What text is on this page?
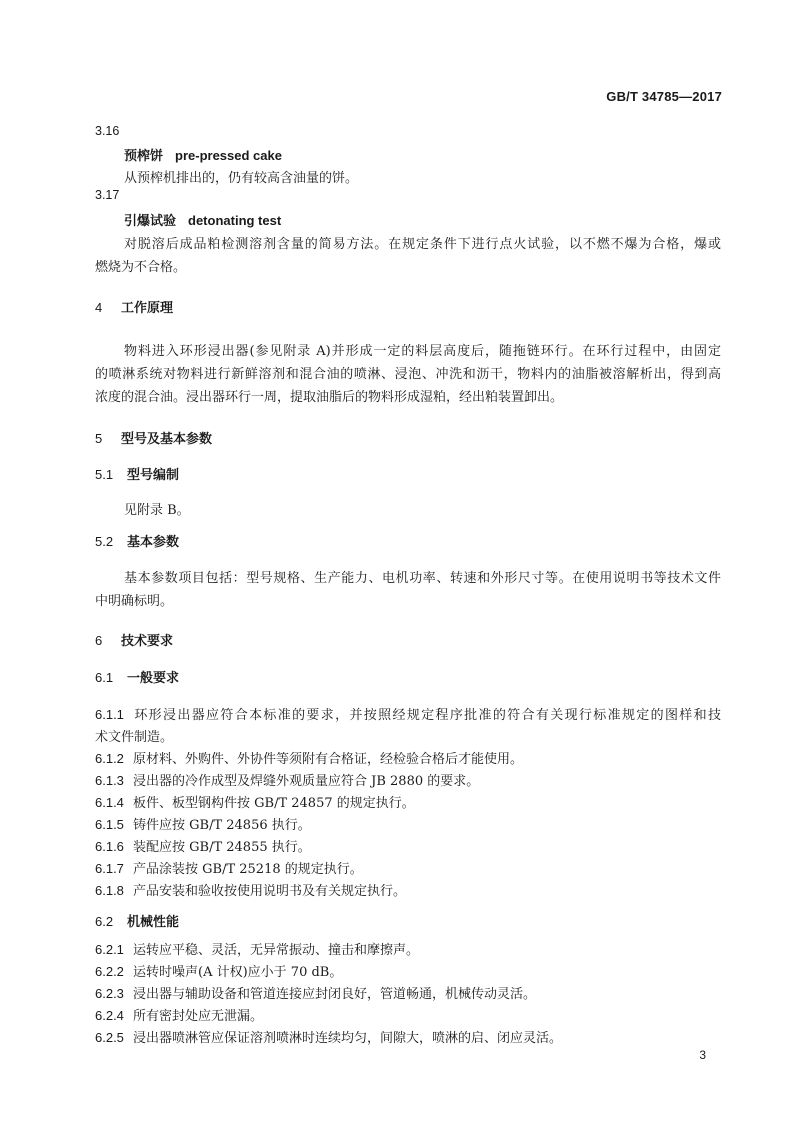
GB/T 34785—2017
3.16
预榨饼 pre-pressed cake
从预榨机排出的，仍有较高含油量的饼。
3.17
引爆试验 detonating test
对脱溶后成品粕检测溶剂含量的简易方法。在规定条件下进行点火试验，以不燃不爆为合格，爆或
燃烧为不合格。
4 工作原理
物料进入环形浸出器(参见附录 A)并形成一定的料层高度后，随拖链环行。在环行过程中，由固定
的喷淋系统对物料进行新鲜溶剂和混合油的喷淋、浸泡、冲洗和沥干，物料内的油脂被溶解析出，得到高
浓度的混合油。浸出器环行一周，提取油脂后的物料形成湿粕，经出粕装置卸出。
5 型号及基本参数
5.1 型号编制
见附录 B。
5.2 基本参数
基本参数项目包括：型号规格、生产能力、电机功率、转速和外形尺寸等。在使用说明书等技术文件
中明确标明。
6 技术要求
6.1 一般要求
6.1.1 环形浸出器应符合本标准的要求，并按照经规定程序批准的符合有关现行标准规定的图样和技
术文件制造。
6.1.2 原材料、外购件、外协件等须附有合格证，经检验合格后才能使用。
6.1.3 浸出器的冷作成型及焊缝外观质量应符合 JB 2880 的要求。
6.1.4 板件、板型钢构件按 GB/T 24857 的规定执行。
6.1.5 铸件应按 GB/T 24856 执行。
6.1.6 装配应按 GB/T 24855 执行。
6.1.7 产品涂装按 GB/T 25218 的规定执行。
6.1.8 产品安装和验收按使用说明书及有关规定执行。
6.2 机械性能
6.2.1 运转应平稳、灵活，无异常振动、撞击和摩擦声。
6.2.2 运转时噪声(A 计权)应小于 70 dB。
6.2.3 浸出器与辅助设备和管道连接应封闭良好，管道畅通，机械传动灵活。
6.2.4 所有密封处应无泄漏。
6.2.5 浸出器喷淋管应保证溶剂喷淋时连续均匀，间隙大，喷淋的启、闭应灵活。
3
